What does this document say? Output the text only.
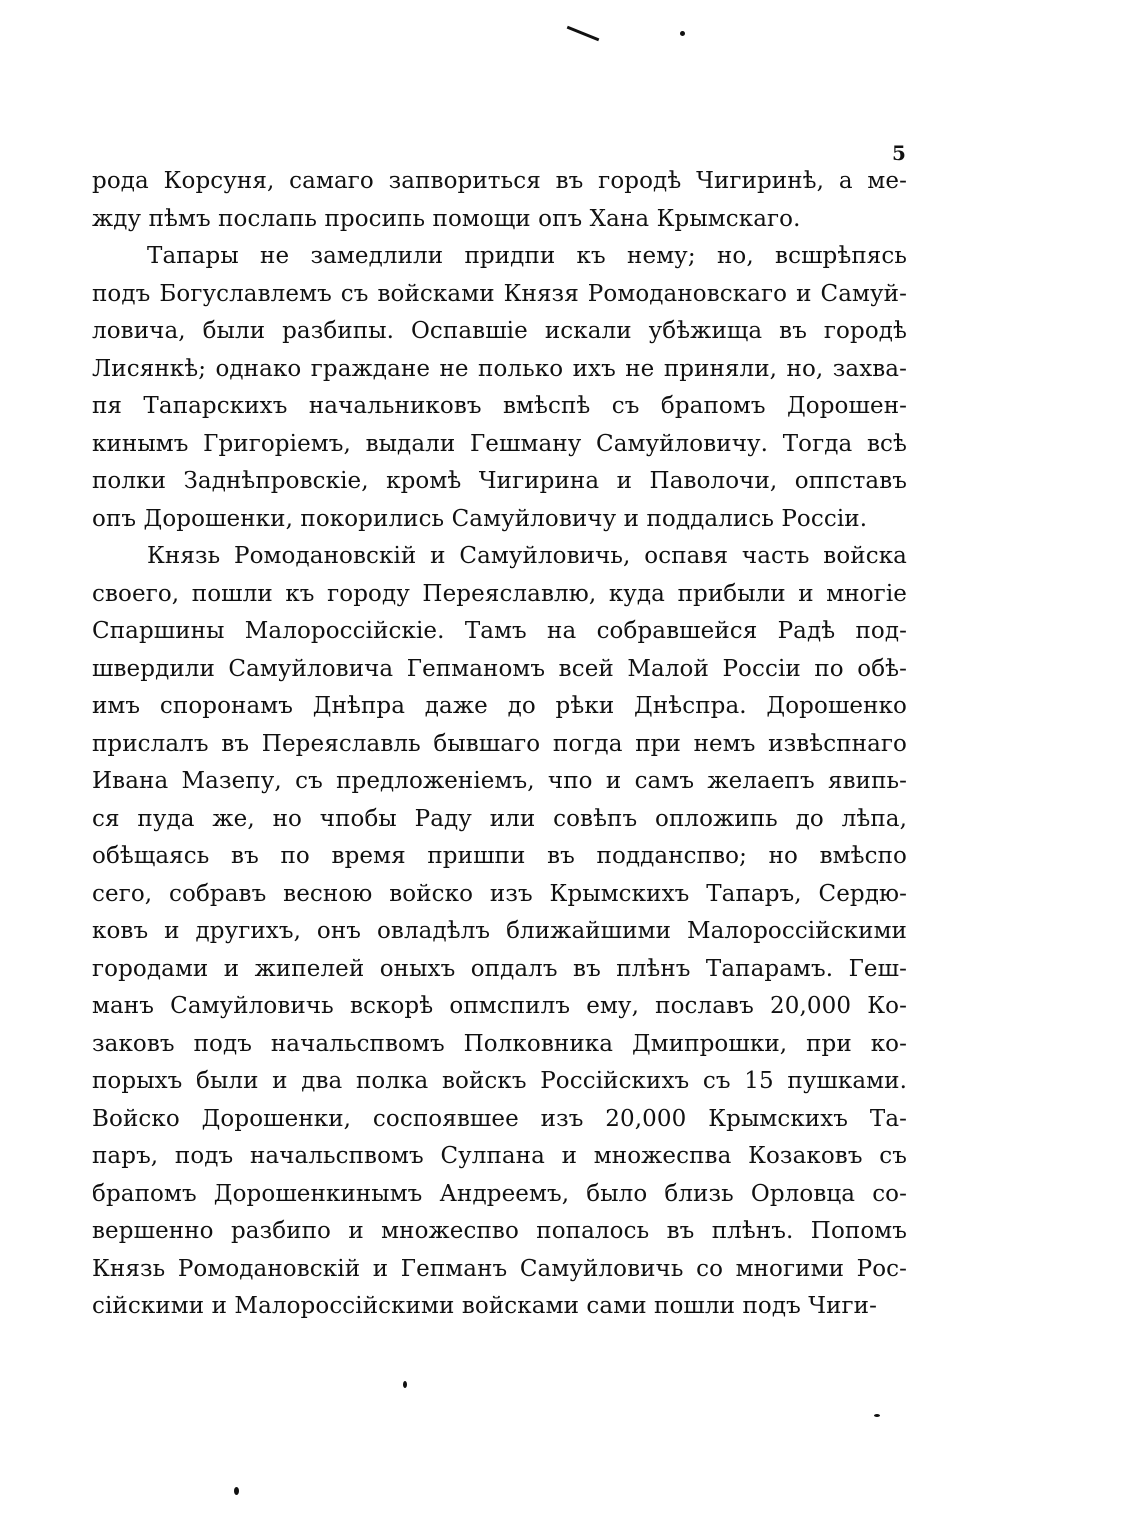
5
рода Корсуня, самаго запвориться въ городѣ Чигиринѣ, а ме-
жду пѣмъ послапь просипь помощи опъ Хана Крымскаго.
Тапары не замедлили придпи къ нему; но, всшрѣпясь
подъ Богуславлемъ съ войсками Князя Ромодановскаго и Самуй-
ловича, были разбипы. Оспавшіе искали убѣжища въ городѣ
Лисянкѣ; однако граждане не полько ихъ не приняли, но, захва-
пя Тапарскихъ начальниковъ вмѣспѣ съ брапомъ Дорошен-
кинымъ Григоріемъ, выдали Гешману Самуйловичу. Тогда всѣ
полки Заднѣпровскіе, кромѣ Чигирина и Паволочи, оппставъ
опъ Дорошенки, покорились Самуйловичу и поддались Россіи.
Князь Ромодановскій и Самуйловичь, оспавя часть войска
своего, пошли къ городу Переяславлю, куда прибыли и многіе
Спаршины Малороссійскіе. Тамъ на собравшейся Радѣ под-
швердили Самуйловича Гепманомъ всей Малой Россіи по обѣ-
имъ споронамъ Днѣпра даже до рѣки Днѣспра. Дорошенко
прислалъ въ Переяславль бывшаго погда при немъ извѣспнаго
Ивана Мазепу, съ предложеніемъ, чпо и самъ желаепъ явипь-
ся пуда же, но чпобы Раду или совѣпъ опложипь до лѣпа,
обѣщаясь въ по время пришпи въ подданспво; но вмѣспо
сего, собравъ весною войско изъ Крымскихъ Тапаръ, Сердю-
ковъ и другихъ, онъ овладѣлъ ближайшими Малороссійскими
городами и жипелей оныхъ опдалъ въ плѣнъ Тапарамъ. Геш-
манъ Самуйловичь вскорѣ опмспилъ ему, пославъ 20,000 Ко-
заковъ подъ начальспвомъ Полковника Дмипрошки, при ко-
порыхъ были и два полка войскъ Россійскихъ съ 15 пушками.
Войско Дорошенки, соспоявшее изъ 20,000 Крымскихъ Та-
паръ, подъ начальспвомъ Сулпана и множеспва Козаковъ съ
брапомъ Дорошенкинымъ Андреемъ, было близь Орловца со-
вершенно разбипо и множеспво попалось въ плѣнъ. Попомъ
Князь Ромодановскій и Гепманъ Самуйловичь со многими Рос-
сійскими и Малороссійскими войсками сами пошли подъ Чиги-
